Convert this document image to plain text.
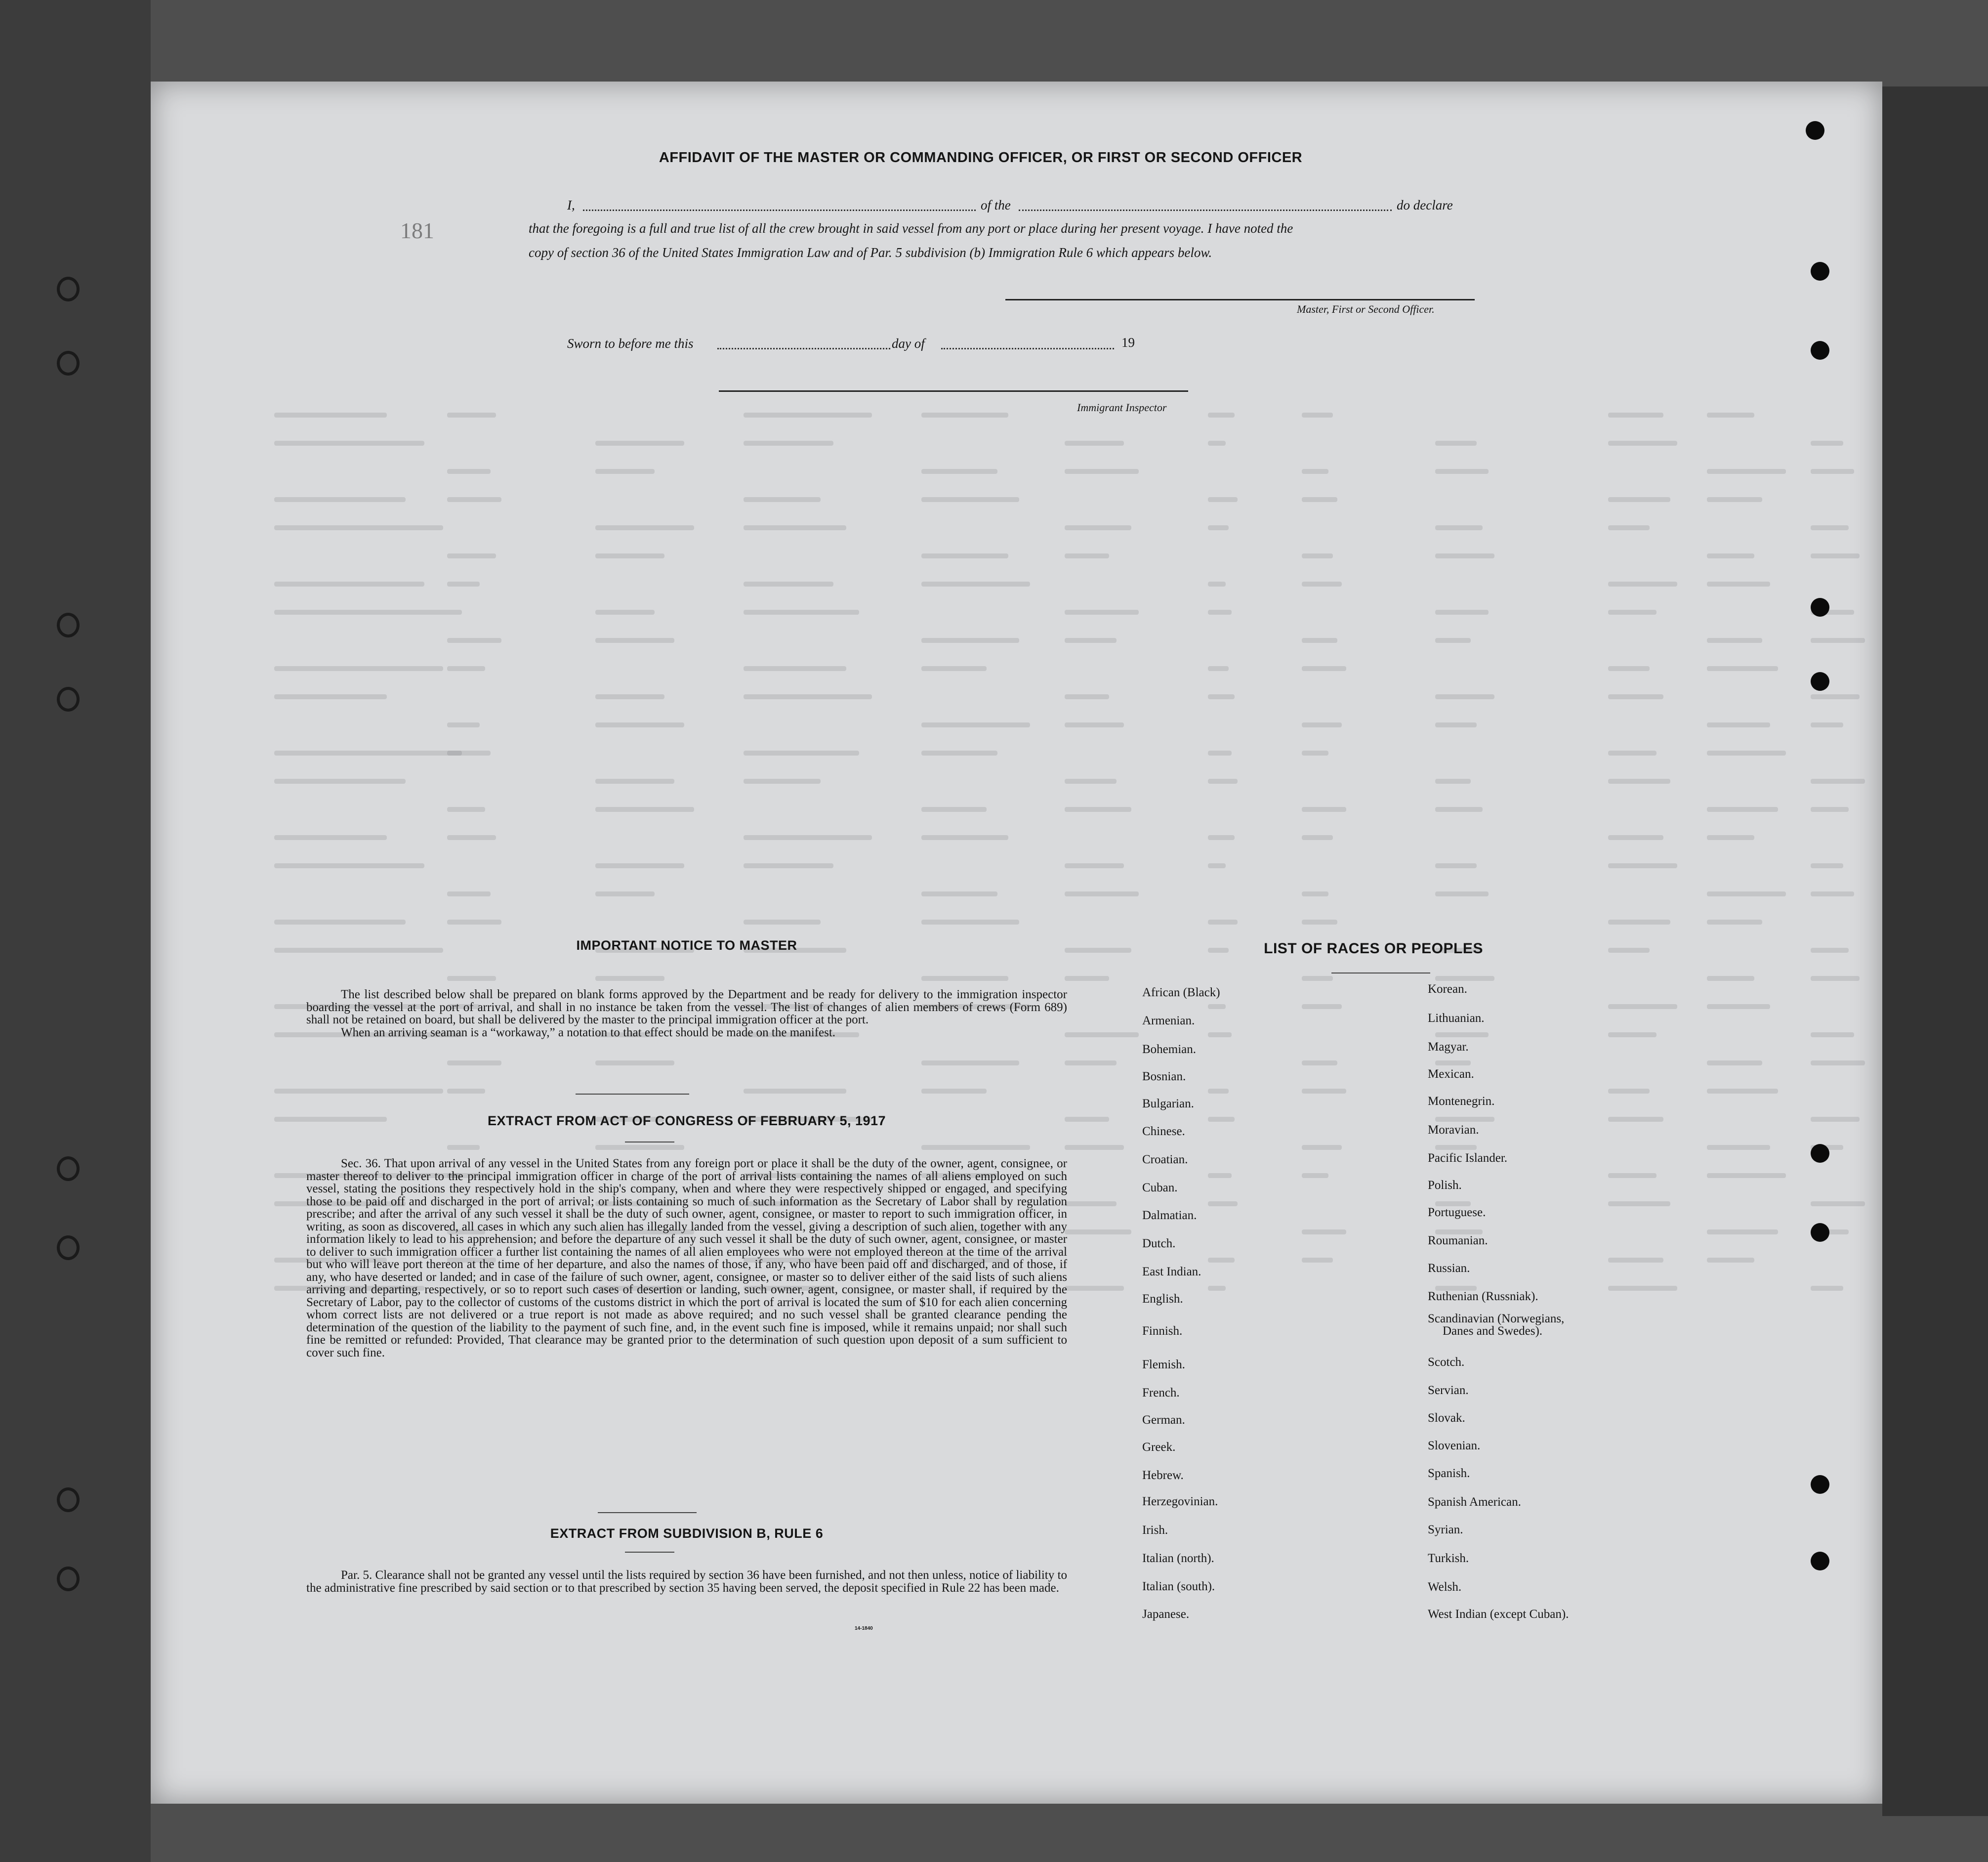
AFFIDAVIT OF THE MASTER OR COMMANDING OFFICER, OR FIRST OR SECOND OFFICER
181
I,	of the	do declare
that the foregoing is a full and true list of all the crew brought in said vessel from any port or place during her present voyage. I have noted the
copy of section 36 of the United States Immigration Law and of Par. 5 subdivision (b) Immigration Rule 6 which appears below.
Master, First or Second Officer.
Sworn to before me this	day of	19
Immigrant Inspector
IMPORTANT NOTICE TO MASTER

The list described below shall be prepared on blank forms approved by the Department and be ready for delivery to the immigration inspector boarding the vessel at the port of arrival, and shall in no instance be taken from the vessel. The list of changes of alien members of crews (Form 689) shall not be retained on board, but shall be delivered by the master to the principal immigration officer at the port.

When an arriving seaman is a “workaway,” a notation to that effect should be made on the manifest.

EXTRACT FROM ACT OF CONGRESS OF FEBRUARY 5, 1917

Sec. 36. That upon arrival of any vessel in the United States from any foreign port or place it shall be the duty of the owner, agent, consignee, or master thereof to deliver to the principal immigration officer in charge of the port of arrival lists containing the names of all aliens employed on such vessel, stating the positions they respectively hold in the ship's company, when and where they were respectively shipped or engaged, and specifying those to be paid off and discharged in the port of arrival; or lists containing so much of such information as the Secretary of Labor shall by regulation prescribe; and after the arrival of any such vessel it shall be the duty of such owner, agent, consignee, or master to report to such immigration officer, in writing, as soon as discovered, all cases in which any such alien has illegally landed from the vessel, giving a description of such alien, together with any information likely to lead to his apprehension; and before the departure of any such vessel it shall be the duty of such owner, agent, consignee, or master to deliver to such immigration officer a further list containing the names of all alien employees who were not employed thereon at the time of the arrival but who will leave port thereon at the time of her departure, and also the names of those, if any, who have been paid off and discharged, and of those, if any, who have deserted or landed; and in case of the failure of such owner, agent, consignee, or master so to deliver either of the said lists of such aliens arriving and departing, respectively, or so to report such cases of desertion or landing, such owner, agent, consignee, or master shall, if required by the Secretary of Labor, pay to the collector of customs of the customs district in which the port of arrival is located the sum of $10 for each alien concerning whom correct lists are not delivered or a true report is not made as above required; and no such vessel shall be granted clearance pending the determination of the question of the liability to the payment of such fine, and, in the event such fine is imposed, while it remains unpaid; nor shall such fine be remitted or refunded: Provided, That clearance may be granted prior to the determination of such question upon deposit of a sum sufficient to cover such fine.

EXTRACT FROM SUBDIVISION B, RULE 6

Par. 5. Clearance shall not be granted any vessel until the lists required by section 36 have been furnished, and not then unless, notice of liability to the administrative fine prescribed by said section or to that prescribed by section 35 having been served, the deposit specified in Rule 22 has been made.

14-1840
LIST OF RACES OR PEOPLES
African (Black)
Armenian.
Bohemian.
Bosnian.
Bulgarian.
Chinese.
Croatian.
Cuban.
Dalmatian.
Dutch.
East Indian.
English.
Finnish.
Flemish.
French.
German.
Greek.
Hebrew.
Herzegovinian.
Irish.
Italian (north).
Italian (south).
Japanese.
Korean.
Lithuanian.
Magyar.
Mexican.
Montenegrin.
Moravian.
Pacific Islander.
Polish.
Portuguese.
Roumanian.
Russian.
Ruthenian (Russniak).
Scandinavian (Norwegians,
Danes and Swedes).
Scotch.
Servian.
Slovak.
Slovenian.
Spanish.
Spanish American.
Syrian.
Turkish.
Welsh.
West Indian (except Cuban).
